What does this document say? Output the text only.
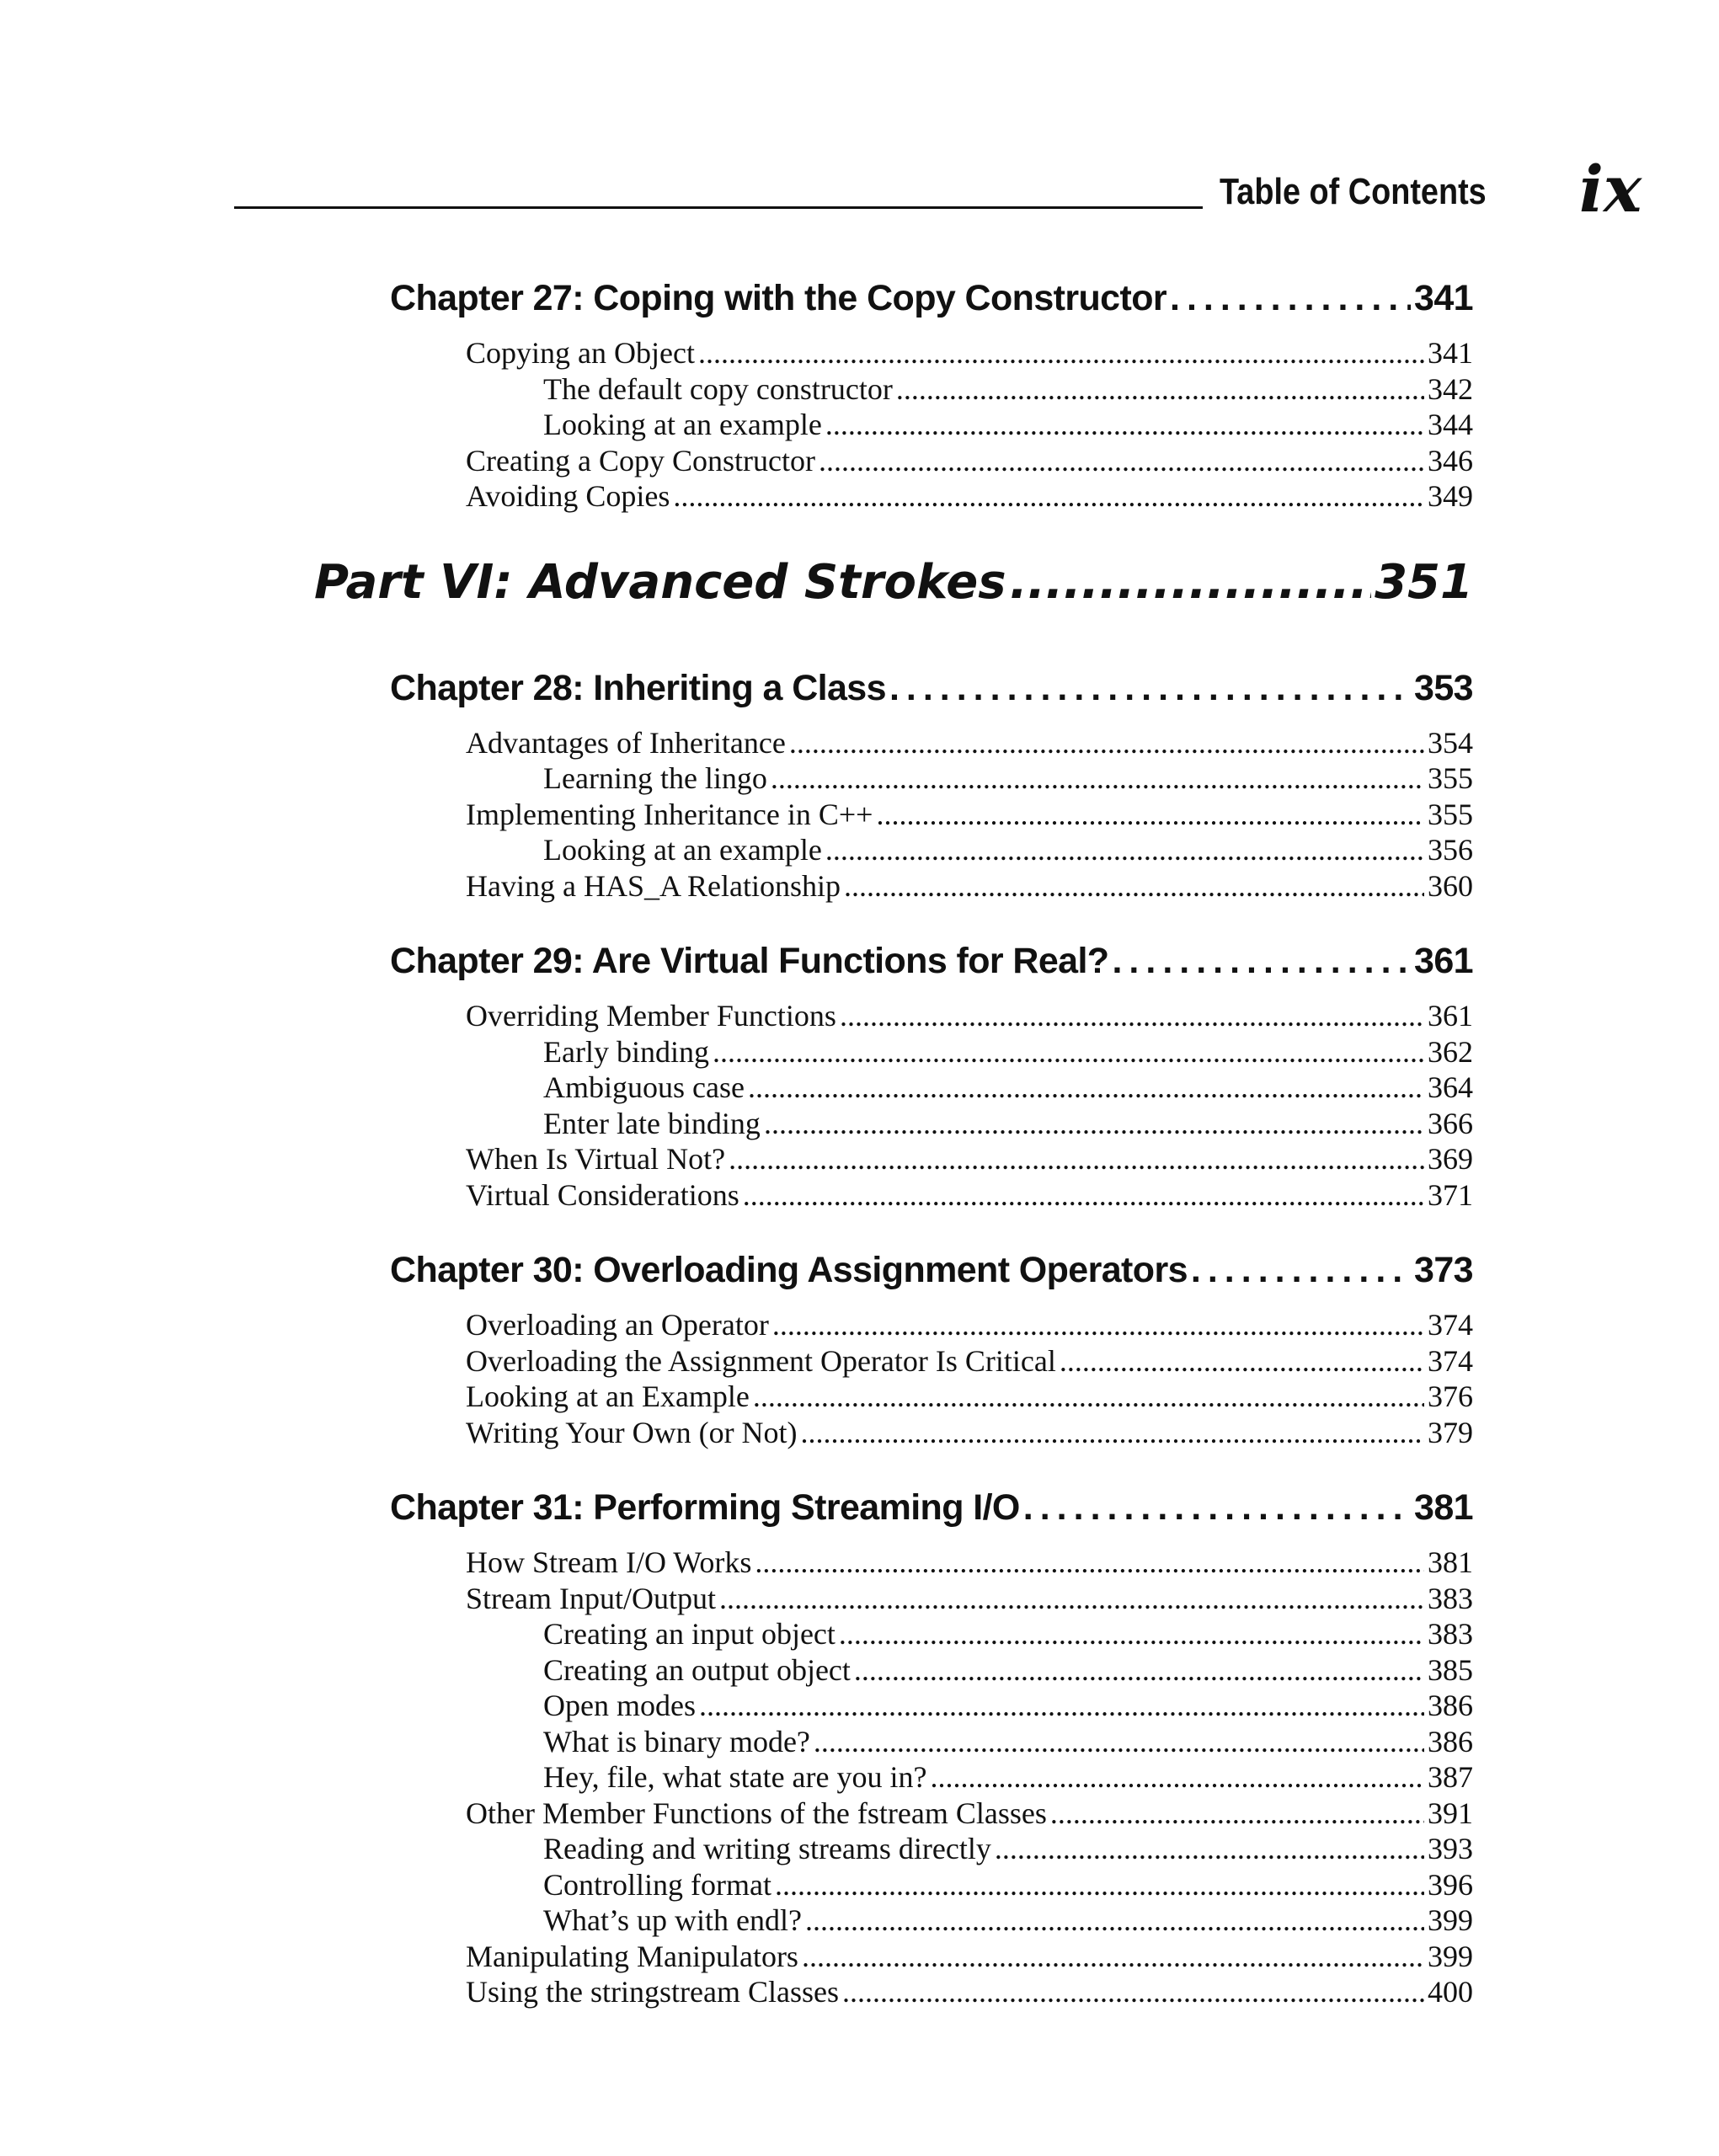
Table of Contents ix
Chapter 27: Coping with the Copy Constructor .....	341
Copying an Object .....	341
The default copy constructor .....	342
Looking at an example .....	344
Creating a Copy Constructor .....	346
Avoiding Copies .....	349
Part VI: Advanced Strokes .....	351
Chapter 28: Inheriting a Class .....	353
Advantages of Inheritance .....	354
Learning the lingo .....	355
Implementing Inheritance in C++ .....	355
Looking at an example .....	356
Having a HAS_A Relationship .....	360
Chapter 29: Are Virtual Functions for Real? .....	361
Overriding Member Functions .....	361
Early binding .....	362
Ambiguous case .....	364
Enter late binding .....	366
When Is Virtual Not? .....	369
Virtual Considerations .....	371
Chapter 30: Overloading Assignment Operators .....	373
Overloading an Operator .....	374
Overloading the Assignment Operator Is Critical .....	374
Looking at an Example .....	376
Writing Your Own (or Not) .....	379
Chapter 31: Performing Streaming I/O .....	381
How Stream I/O Works .....	381
Stream Input/Output .....	383
Creating an input object .....	383
Creating an output object .....	385
Open modes .....	386
What is binary mode? .....	386
Hey, file, what state are you in? .....	387
Other Member Functions of the fstream Classes .....	391
Reading and writing streams directly .....	393
Controlling format .....	396
What’s up with endl? .....	399
Manipulating Manipulators .....	399
Using the stringstream Classes .....	400
